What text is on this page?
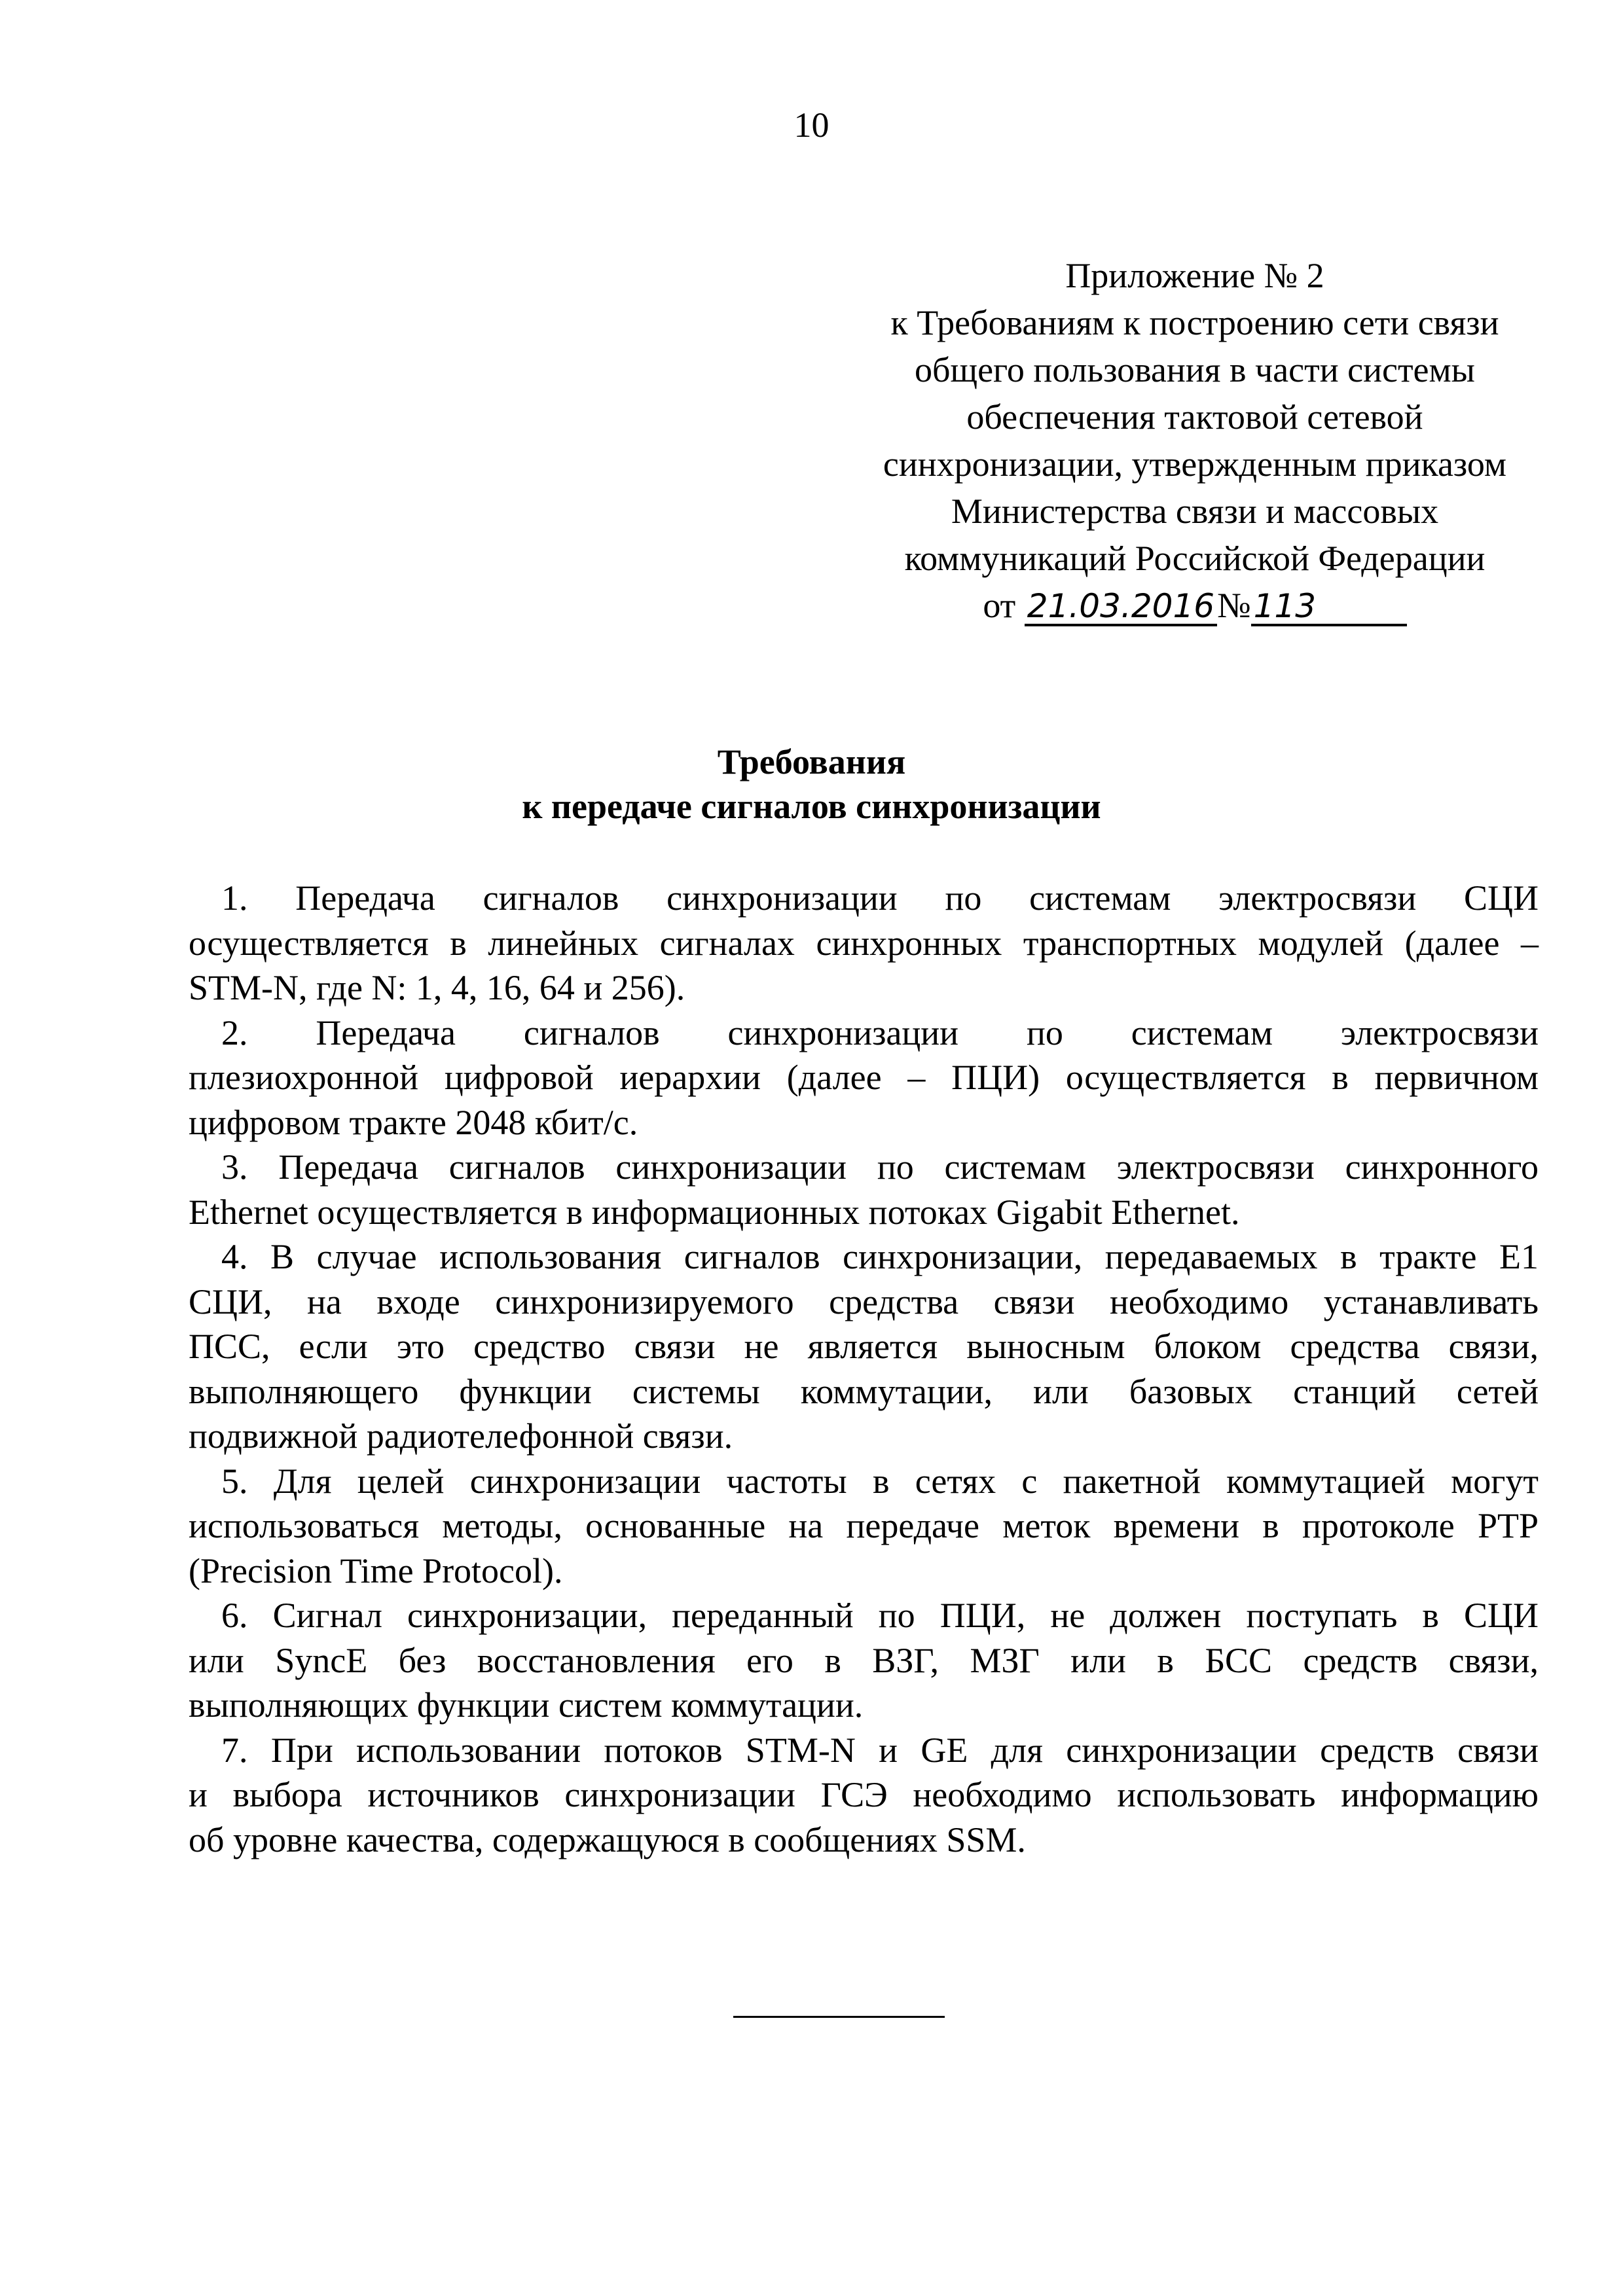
10
Приложение № 2
к Требованиям к построению сети связи
общего пользования в части системы
обеспечения тактовой сетевой
синхронизации, утвержденным приказом
Министерства связи и массовых
коммуникаций Российской Федерации
от 21.03.2016№113
Требования
к передаче сигналов синхронизации
1. Передача сигналов синхронизации по системам электросвязи СЦИ
осуществляется в линейных сигналах синхронных транспортных модулей (далее –
STM-N, где N: 1, 4, 16, 64 и 256).
2. Передача сигналов синхронизации по системам электросвязи
плезиохронной цифровой иерархии (далее – ПЦИ) осуществляется в первичном
цифровом тракте 2048 кбит/с.
3. Передача сигналов синхронизации по системам электросвязи синхронного
Ethernet осуществляется в информационных потоках Gigabit Ethernet.
4. В случае использования сигналов синхронизации, передаваемых в тракте E1
СЦИ, на входе синхронизируемого средства связи необходимо устанавливать
ПСС, если это средство связи не является выносным блоком средства связи,
выполняющего функции системы коммутации, или базовых станций сетей
подвижной радиотелефонной связи.
5. Для целей синхронизации частоты в сетях с пакетной коммутацией могут
использоваться методы, основанные на передаче меток времени в протоколе PTP
(Precision Time Protocol).
6. Сигнал синхронизации, переданный по ПЦИ, не должен поступать в СЦИ
или SyncE без восстановления его в ВЗГ, МЗГ или в БСС средств связи,
выполняющих функции систем коммутации.
7. При использовании потоков STM-N и GE для синхронизации средств связи
и выбора источников синхронизации ГСЭ необходимо использовать информацию
об уровне качества, содержащуюся в сообщениях SSM.
